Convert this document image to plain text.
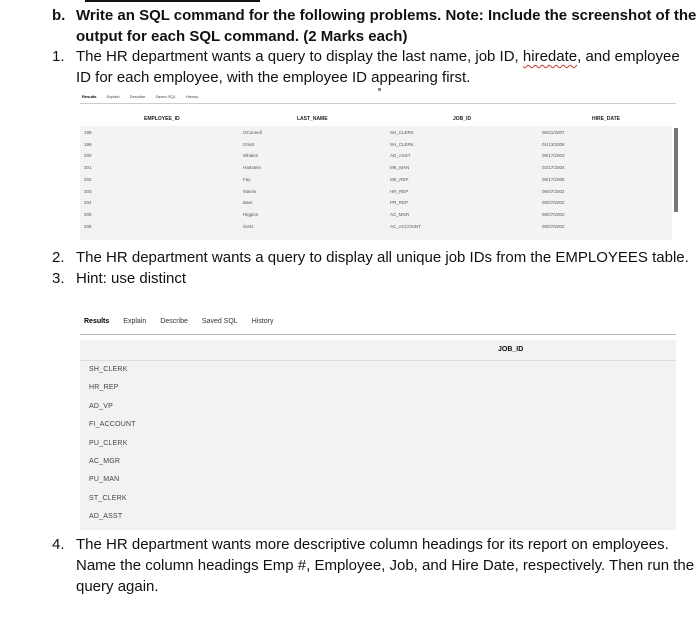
b. Write an SQL command for the following problems. Note: Include the screenshot of the
output for each SQL command. (2 Marks each)
1. The HR department wants a query to display the last name, job ID, hiredate, and employee
ID for each employee, with the employee ID appearing first.
Results	Explain	Describe	Saved SQL	History
EMPLOYEE_ID	LAST_NAME	JOB_ID	HIRE_DATE
198	OConnell	SH_CLERK	06/21/2007
199	Grant	SH_CLERK	01/13/2008
200	Whalen	AD_ASST	09/17/2003
201	Hartstein	MK_MAN	02/17/2004
202	Fay	MK_REP	08/17/2005
203	Mavris	HR_REP	06/07/2002
204	Baer	PR_REP	06/07/2002
205	Higgins	AC_MGR	06/07/2002
206	Gietz	AC_ACCOUNT	06/07/2002
2. The HR department wants a query to display all unique job IDs from the EMPLOYEES table.
3. Hint: use distinct
Results Explain Describe Saved SQL History
JOB_ID
SH_CLERK
HR_REP
AD_VP
FI_ACCOUNT
PU_CLERK
AC_MGR
PU_MAN
ST_CLERK
AD_ASST
4. The HR department wants more descriptive column headings for its report on employees.
Name the column headings Emp #, Employee, Job, and Hire Date, respectively. Then run the
query again.
